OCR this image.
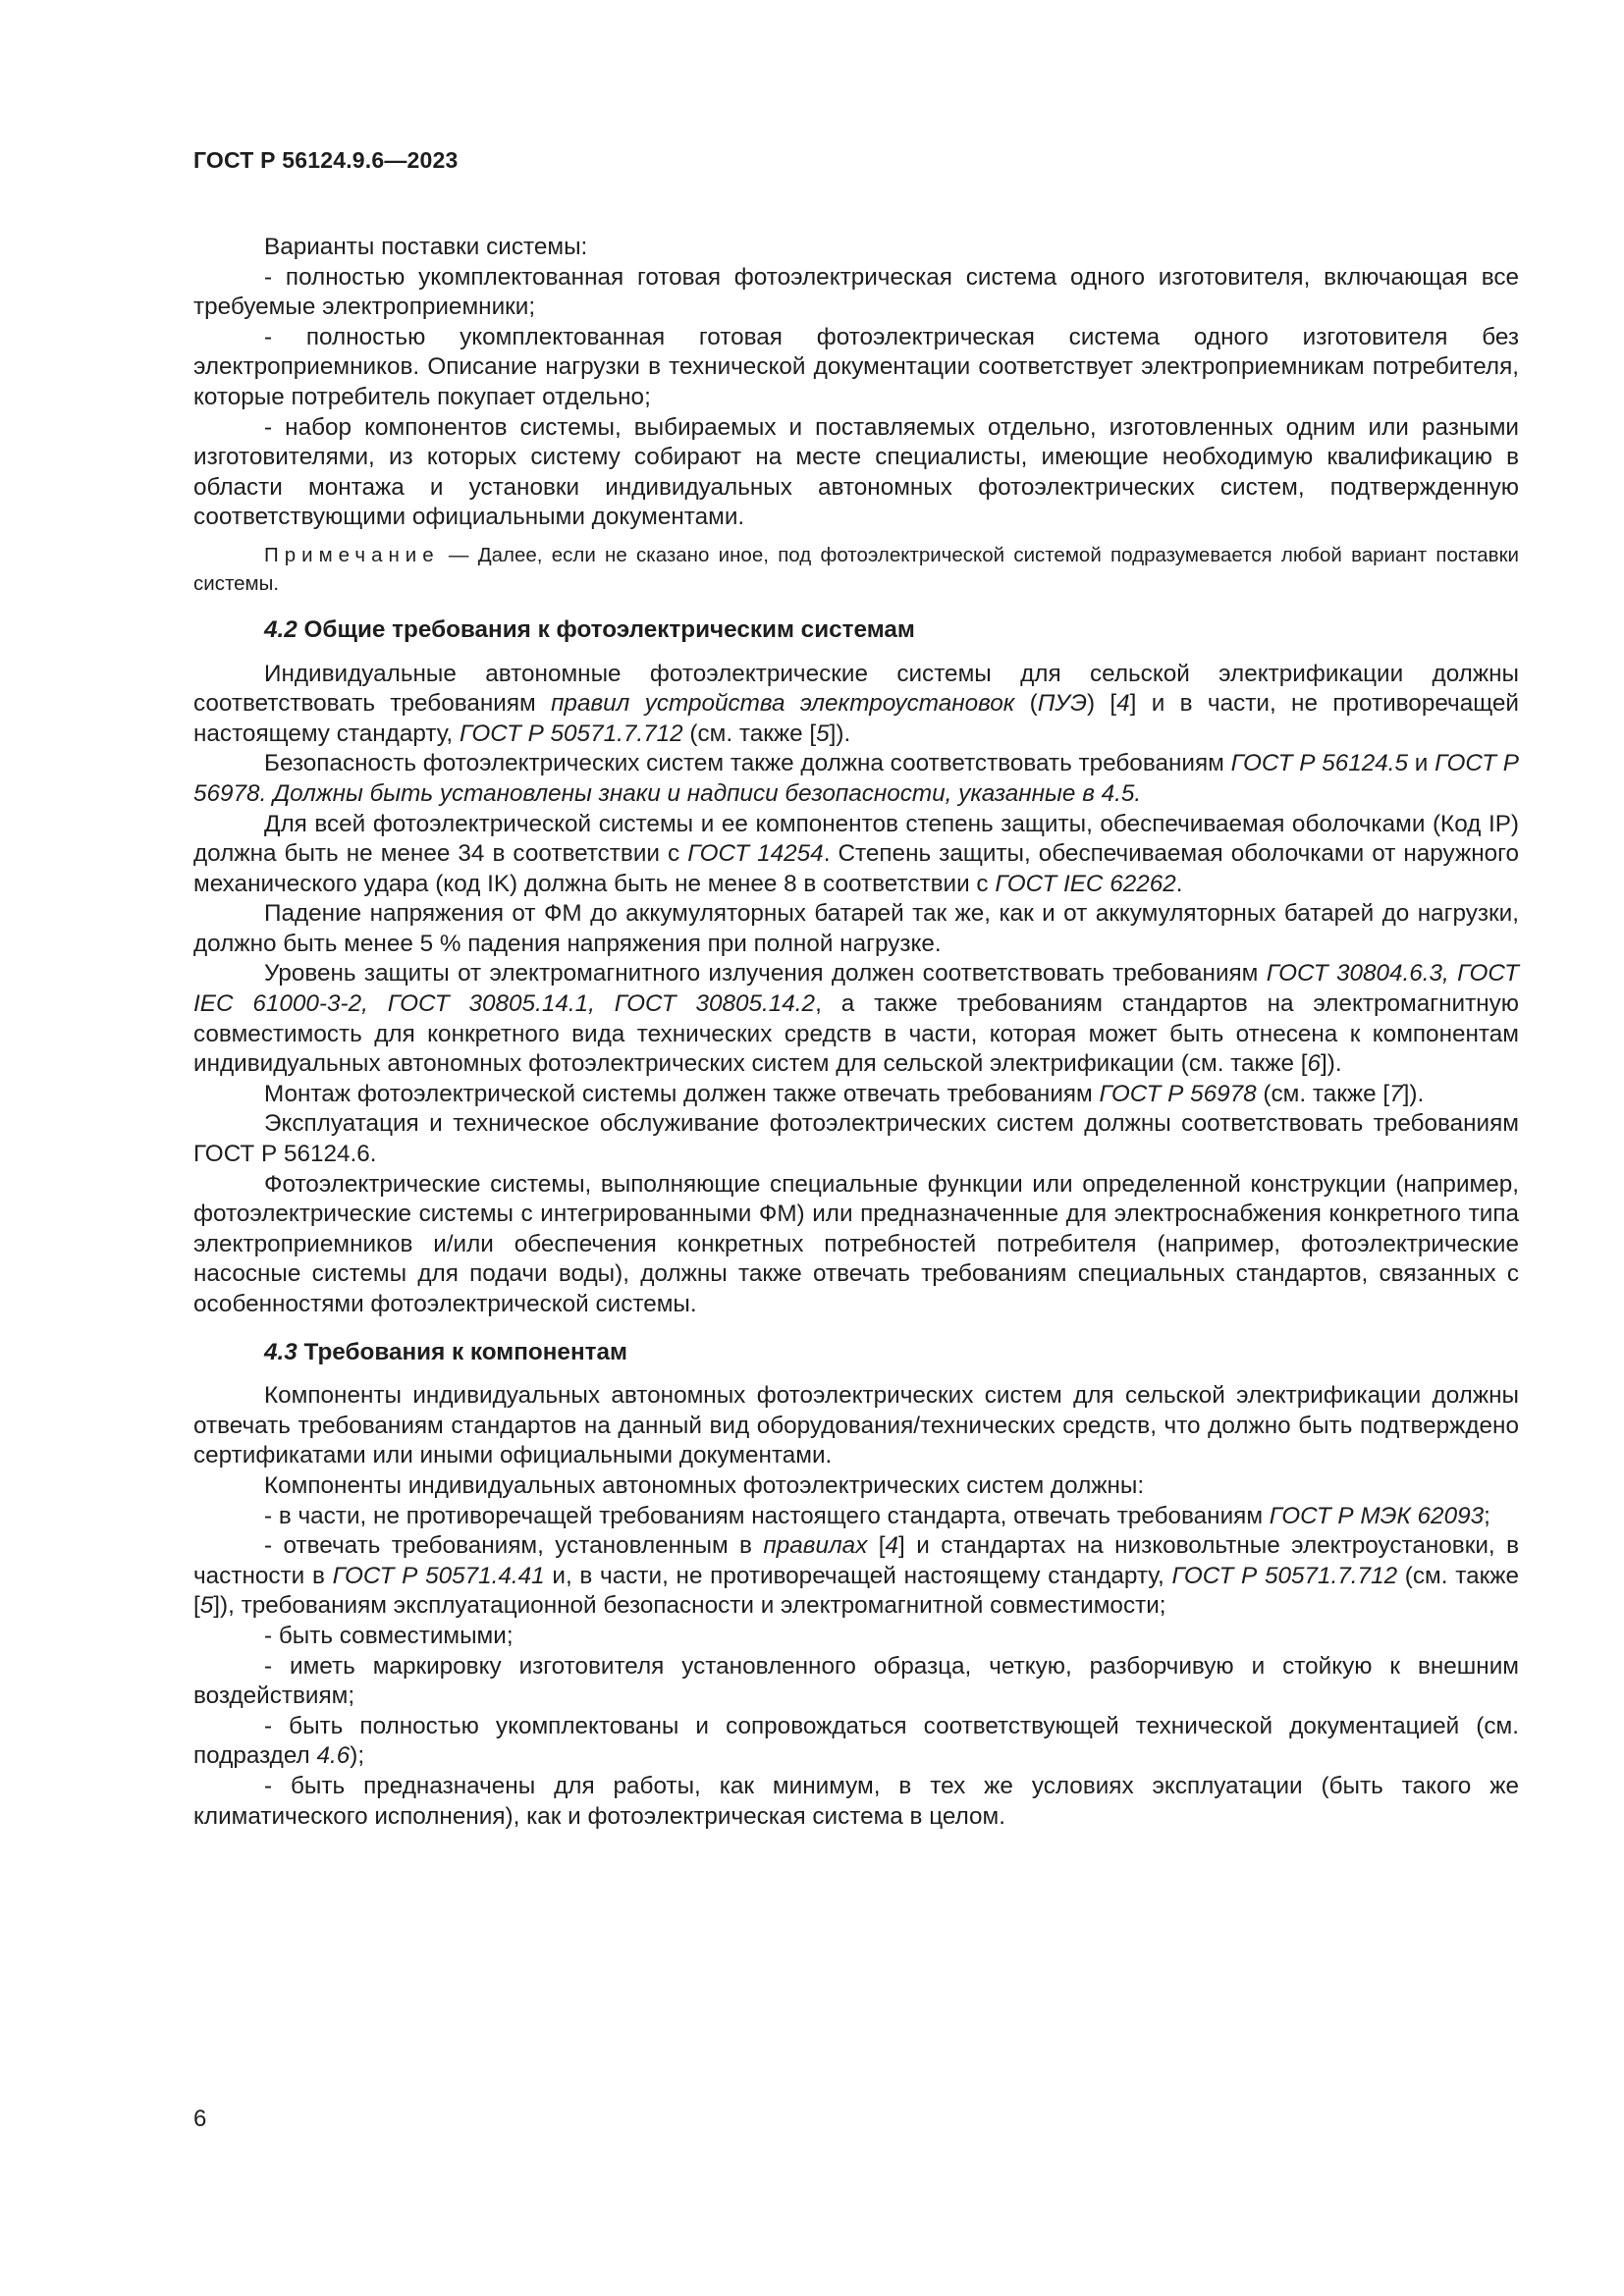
ГОСТ Р 56124.9.6—2023

Варианты поставки системы:

- полностью укомплектованная готовая фотоэлектрическая система одного изготовителя, включающая все требуемые электроприемники;

- полностью укомплектованная готовая фотоэлектрическая система одного изготовителя без электроприемников. Описание нагрузки в технической документации соответствует электроприемникам потребителя, которые потребитель покупает отдельно;

- набор компонентов системы, выбираемых и поставляемых отдельно, изготовленных одним или разными изготовителями, из которых систему собирают на месте специалисты, имеющие необходимую квалификацию в области монтажа и установки индивидуальных автономных фотоэлектрических систем, подтвержденную соответствующими официальными документами.

Примечание — Далее, если не сказано иное, под фотоэлектрической системой подразумевается любой вариант поставки системы.

4.2 Общие требования к фотоэлектрическим системам

Индивидуальные автономные фотоэлектрические системы для сельской электрификации должны соответствовать требованиям правил устройства электроустановок (ПУЭ) [4] и в части, не противоречащей настоящему стандарту, ГОСТ Р 50571.7.712 (см. также [5]).

Безопасность фотоэлектрических систем также должна соответствовать требованиям ГОСТ Р 56124.5 и ГОСТ Р 56978. Должны быть установлены знаки и надписи безопасности, указанные в 4.5.

Для всей фотоэлектрической системы и ее компонентов степень защиты, обеспечиваемая оболочками (Код IP) должна быть не менее 34 в соответствии с ГОСТ 14254. Степень защиты, обеспечиваемая оболочками от наружного механического удара (код IK) должна быть не менее 8 в соответствии с ГОСТ IEC 62262.

Падение напряжения от ФМ до аккумуляторных батарей так же, как и от аккумуляторных батарей до нагрузки, должно быть менее 5 % падения напряжения при полной нагрузке.

Уровень защиты от электромагнитного излучения должен соответствовать требованиям ГОСТ 30804.6.3, ГОСТ IEC 61000-3-2, ГОСТ 30805.14.1, ГОСТ 30805.14.2, а также требованиям стандартов на электромагнитную совместимость для конкретного вида технических средств в части, которая может быть отнесена к компонентам индивидуальных автономных фотоэлектрических систем для сельской электрификации (см. также [6]).

Монтаж фотоэлектрической системы должен также отвечать требованиям ГОСТ Р 56978 (см. также [7]).

Эксплуатация и техническое обслуживание фотоэлектрических систем должны соответствовать требованиям ГОСТ Р 56124.6.

Фотоэлектрические системы, выполняющие специальные функции или определенной конструкции (например, фотоэлектрические системы с интегрированными ФМ) или предназначенные для электроснабжения конкретного типа электроприемников и/или обеспечения конкретных потребностей потребителя (например, фотоэлектрические насосные системы для подачи воды), должны также отвечать требованиям специальных стандартов, связанных с особенностями фотоэлектрической системы.

4.3 Требования к компонентам

Компоненты индивидуальных автономных фотоэлектрических систем для сельской электрификации должны отвечать требованиям стандартов на данный вид оборудования/технических средств, что должно быть подтверждено сертификатами или иными официальными документами.

Компоненты индивидуальных автономных фотоэлектрических систем должны:

- в части, не противоречащей требованиям настоящего стандарта, отвечать требованиям ГОСТ Р МЭК 62093;

- отвечать требованиям, установленным в правилах [4] и стандартах на низковольтные электроустановки, в частности в ГОСТ Р 50571.4.41 и, в части, не противоречащей настоящему стандарту, ГОСТ Р 50571.7.712 (см. также [5]), требованиям эксплуатационной безопасности и электромагнитной совместимости;

- быть совместимыми;

- иметь маркировку изготовителя установленного образца, четкую, разборчивую и стойкую к внешним воздействиям;

- быть полностью укомплектованы и сопровождаться соответствующей технической документацией (см. подраздел 4.6);

- быть предназначены для работы, как минимум, в тех же условиях эксплуатации (быть такого же климатического исполнения), как и фотоэлектрическая система в целом.

6
